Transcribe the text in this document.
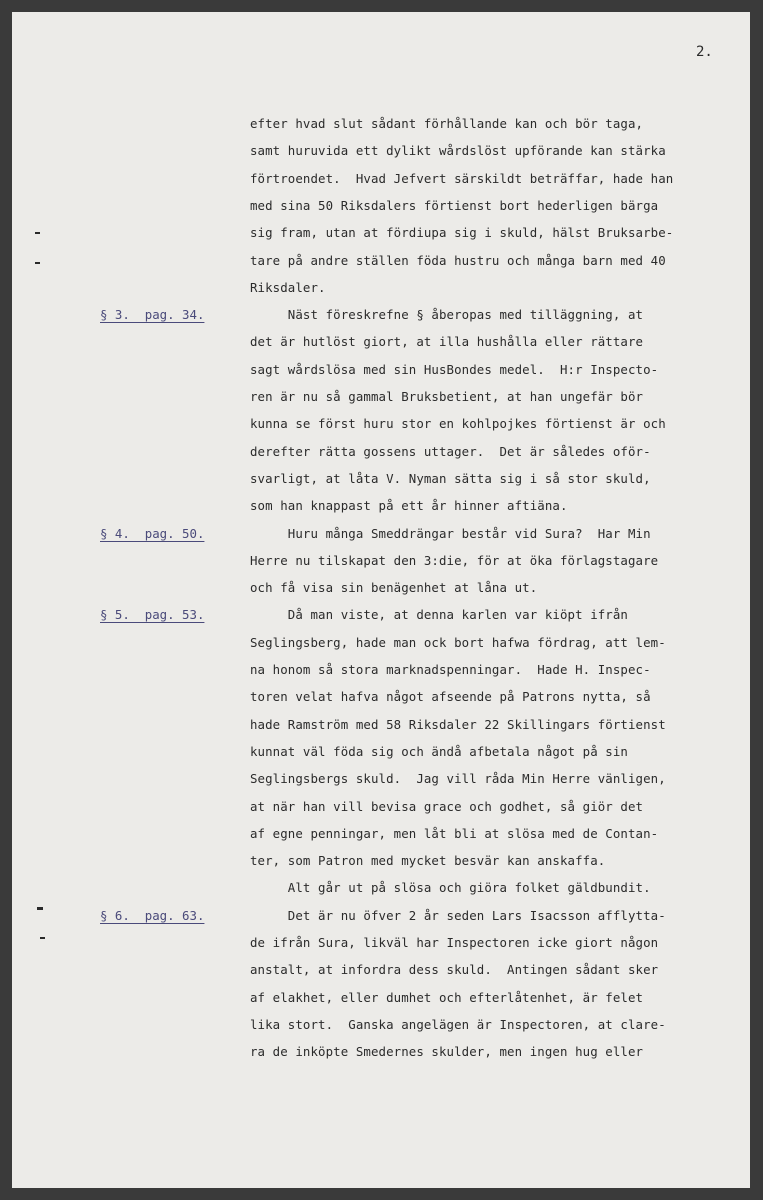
2.
§ 3.  pag. 34.
§ 4.  pag. 50.
§ 5.  pag. 53.
§ 6.  pag. 63.
efter hvad slut sådant förhållande kan och bör taga,
samt huruvida ett dylikt wårdslöst upförande kan stärka
förtroendet.  Hvad Jefvert särskildt beträffar, hade han
med sina 50 Riksdalers förtienst bort hederligen bärga
sig fram, utan at fördiupa sig i skuld, hälst Bruksarbe-
tare på andre ställen föda hustru och många barn med 40
Riksdaler.
Näst föreskrefne § åberopas med tilläggning, at
det är hutlöst giort, at illa hushålla eller rättare
sagt wårdslösa med sin HusBondes medel.  H:r Inspecto-
ren är nu så gammal Bruksbetient, at han ungefär bör
kunna se först huru stor en kohlpojkes förtienst är och
derefter rätta gossens uttager.  Det är således oför-
svarligt, at låta V. Nyman sätta sig i så stor skuld,
som han knappast på ett år hinner aftiäna.
Huru många Smeddrängar består vid Sura?  Har Min
Herre nu tilskapat den 3:die, för at öka förlagstagare
och få visa sin benägenhet at låna ut.
Då man viste, at denna karlen var kiöpt ifrån
Seglingsberg, hade man ock bort hafwa fördrag, att lem-
na honom så stora marknadspenningar.  Hade H. Inspec-
toren velat hafva något afseende på Patrons nytta, så
hade Ramström med 58 Riksdaler 22 Skillingars förtienst
kunnat väl föda sig och ändå afbetala något på sin
Seglingsbergs skuld.  Jag vill råda Min Herre vänligen,
at när han vill bevisa grace och godhet, så giör det
af egne penningar, men låt bli at slösa med de Contan-
ter, som Patron med mycket besvär kan anskaffa.
Alt går ut på slösa och giöra folket gäldbundit.
Det är nu öfver 2 år seden Lars Isacsson afflytta-
de ifrån Sura, likväl har Inspectoren icke giort någon
anstalt, at infordra dess skuld.  Antingen sådant sker
af elakhet, eller dumhet och efterlåtenhet, är felet
lika stort.  Ganska angelägen är Inspectoren, at clare-
ra de inköpte Smedernes skulder, men ingen hug eller
